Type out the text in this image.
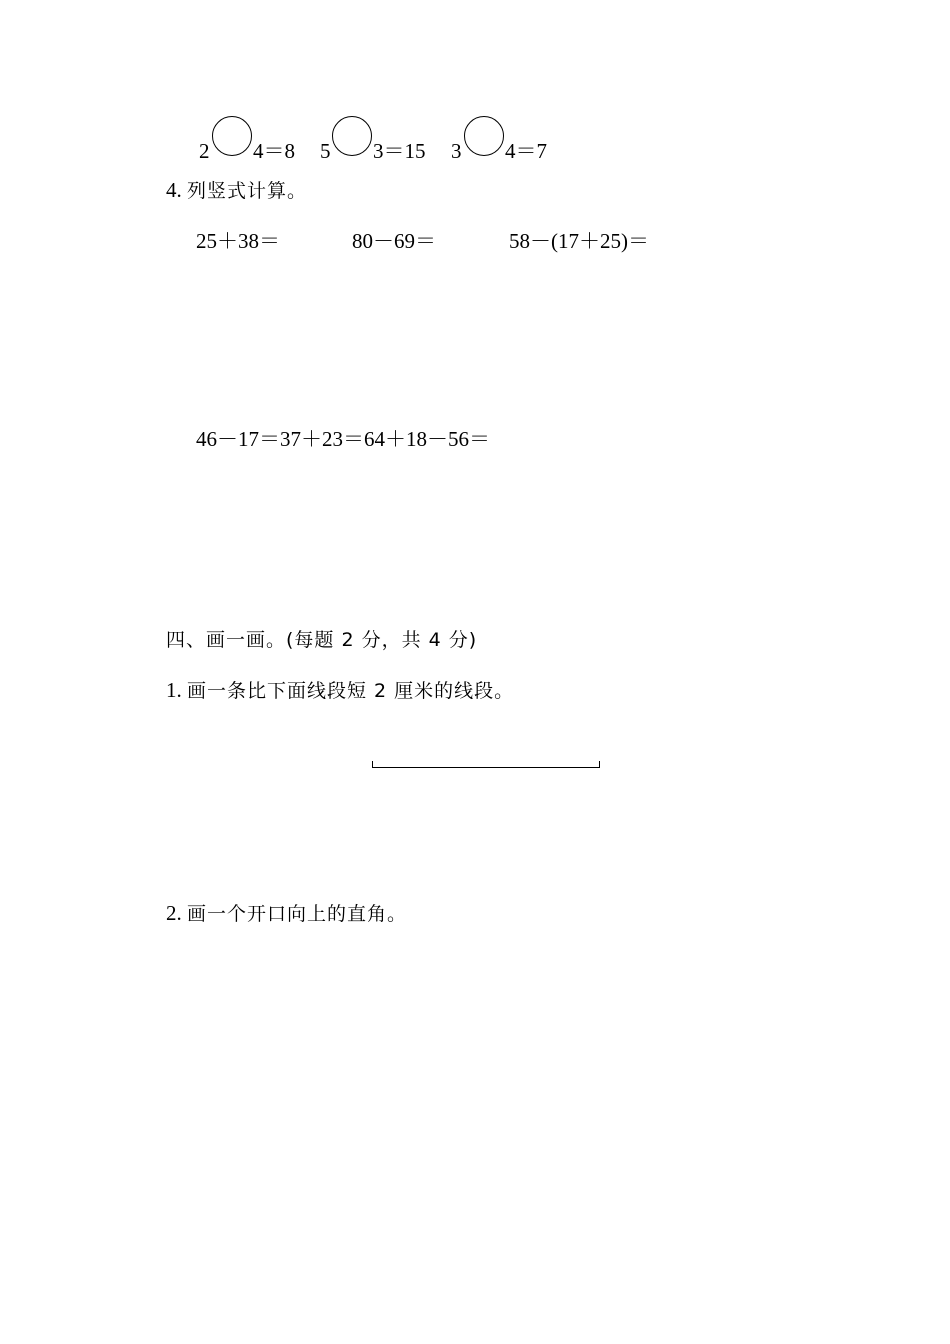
2 4＝8 5 3＝15 3 4＝7
4. 列竖式计算。
25＋38＝	80－69＝	58－(17＋25)＝
46－17＝37＋23＝64＋18－56＝
四、画一画。(每题 2 分，共 4 分)
1. 画一条比下面线段短 2 厘米的线段。
2. 画一个开口向上的直角。
